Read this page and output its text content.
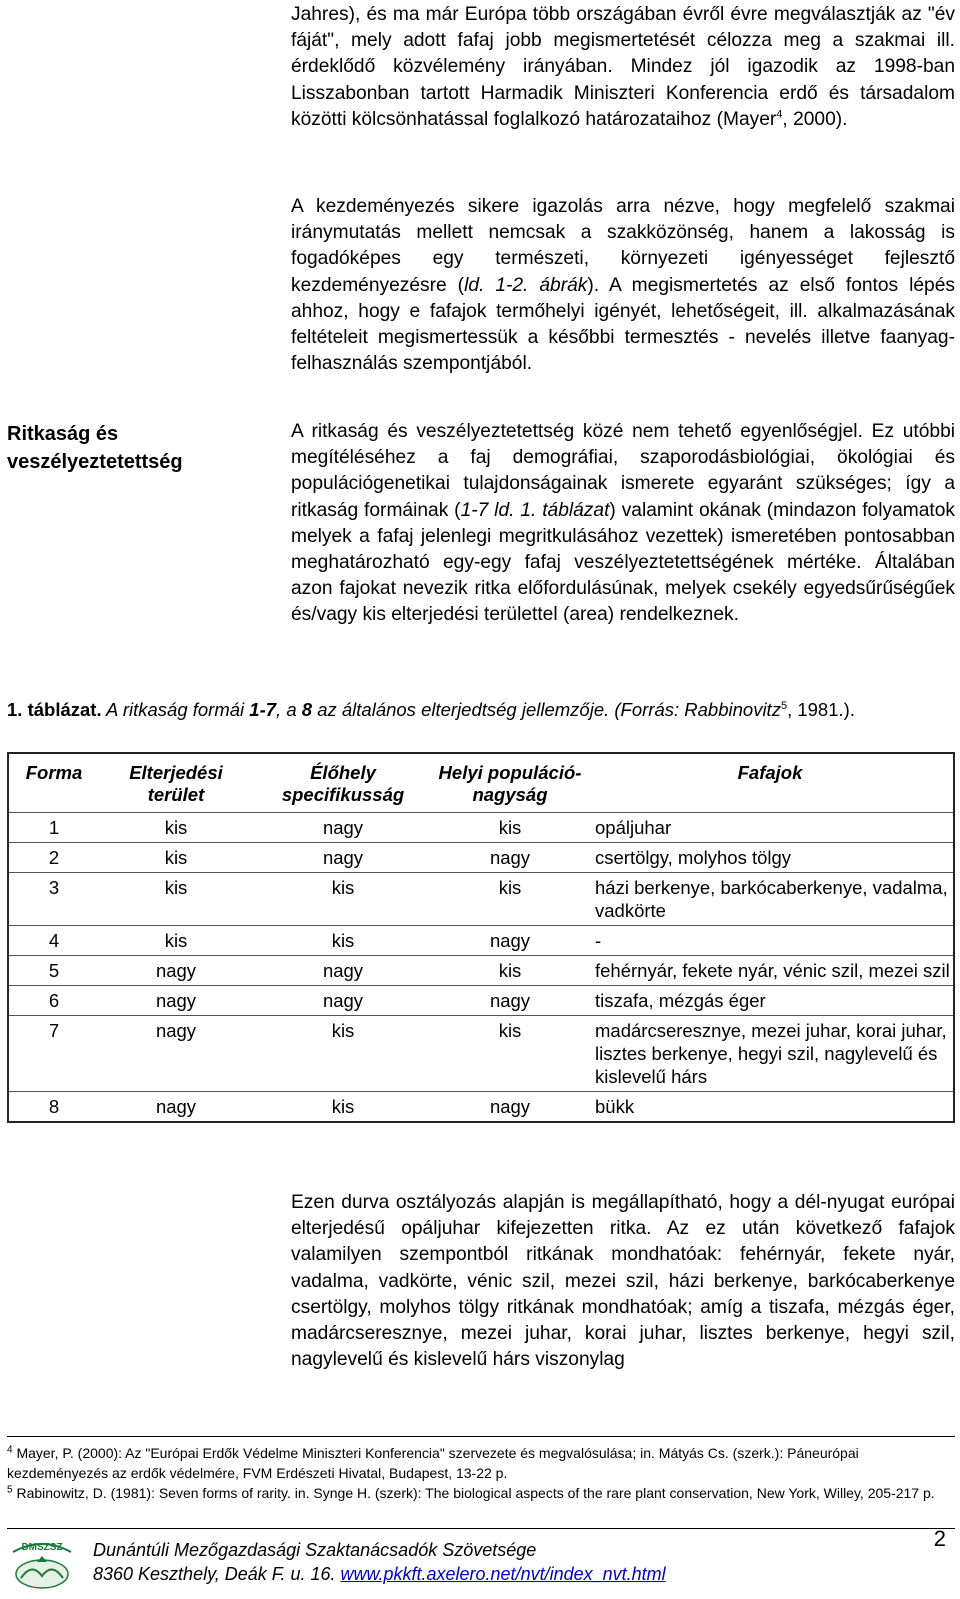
Jahres), és ma már Európa több országában évről évre megválasztják az "év fáját", mely adott fafaj jobb megismertetését célozza meg a szakmai ill. érdeklődő közvélemény irányában. Mindez jól igazodik az 1998-ban Lisszabonban tartott Harmadik Miniszteri Konferencia erdő és társadalom közötti kölcsönhatással foglalkozó határozataihoz (Mayer$^4$, 2000).

A kezdeményezés sikere igazolás arra nézve, hogy megfelelő szakmai iránymutatás mellett nemcsak a szakközönség, hanem a lakosság is fogadóképes egy természeti, környezeti igényességet fejlesztő kezdeményezésre (ld. 1-2. ábrák). A megismertetés az első fontos lépés ahhoz, hogy e fafajok termőhelyi igényét, lehetőségeit, ill. alkalmazásának feltételeit megismertessük a későbbi termesztés - nevelés illetve faanyag-felhasználás szempontjából.

Ritkaság és
veszélyeztetettség

A ritkaság és veszélyeztetettség közé nem tehető egyenlőségjel. Ez utóbbi megítéléséhez a faj demográfiai, szaporodásbiológiai, ökológiai és populációgenetikai tulajdonságainak ismerete egyaránt szükséges; így a ritkaság formáinak (1-7 ld. 1. táblázat) valamint okának (mindazon folyamatok melyek a fafaj jelenlegi megritkulásához vezettek) ismeretében pontosabban meghatározható egy-egy fafaj veszélyeztetettségének mértéke. Általában azon fajokat nevezik ritka előfordulásúnak, melyek csekély egyedsűrűségűek és/vagy kis elterjedési területtel (area) rendelkeznek.

1. táblázat. A ritkaság formái 1-7, a 8 az általános elterjedtség jellemzője. (Forrás: Rabbinovitz$^5$, 1981.).

Forma	Elterjedési terület	Élőhely specifikusság	Helyi populáció-nagyság	Fafajok
1	kis	nagy	kis	opáljuhar
2	kis	nagy	nagy	csertölgy, molyhos tölgy
3	kis	kis	kis	házi berkenye, barkócaberkenye, vadalma, vadkörte
4	kis	kis	nagy	-
5	nagy	nagy	kis	fehérnyár, fekete nyár, vénic szil, mezei szil
6	nagy	nagy	nagy	tiszafa, mézgás éger
7	nagy	kis	kis	madárcseresznye, mezei juhar, korai juhar, lisztes berkenye, hegyi szil, nagylevelű és kislevelű hárs
8	nagy	kis	nagy	bükk

Ezen durva osztályozás alapján is megállapítható, hogy a dél-nyugat európai elterjedésű opáljuhar kifejezetten ritka. Az ez után következő fafajok valamilyen szempontból ritkának mondhatóak: fehérnyár, fekete nyár, vadalma, vadkörte, vénic szil, mezei szil, házi berkenye, barkócaberkenye csertölgy, molyhos tölgy ritkának mondhatóak; amíg a tiszafa, mézgás éger, madárcseresznye, mezei juhar, korai juhar, lisztes berkenye, hegyi szil, nagylevelű és kislevelű hárs viszonylag

$^4$ Mayer, P. (2000): Az "Európai Erdők Védelme Miniszteri Konferencia" szervezete és megvalósulása; in. Mátyás Cs. (szerk.): Páneurópai kezdeményezés az erdők védelmére, FVM Erdészeti Hivatal, Budapest, 13-22 p.

$^5$ Rabinowitz, D. (1981): Seven forms of rarity. in. Synge H. (szerk): The biological aspects of the rare plant conservation, New York, Willey, 205-217 p.

DMSZSZ Dunántúli Mezőgazdasági Szaktanácsadók Szövetsége
8360 Keszthely, Deák F. u. 16. www.pkkft.axelero.net/nvt/index_nvt.html
2
